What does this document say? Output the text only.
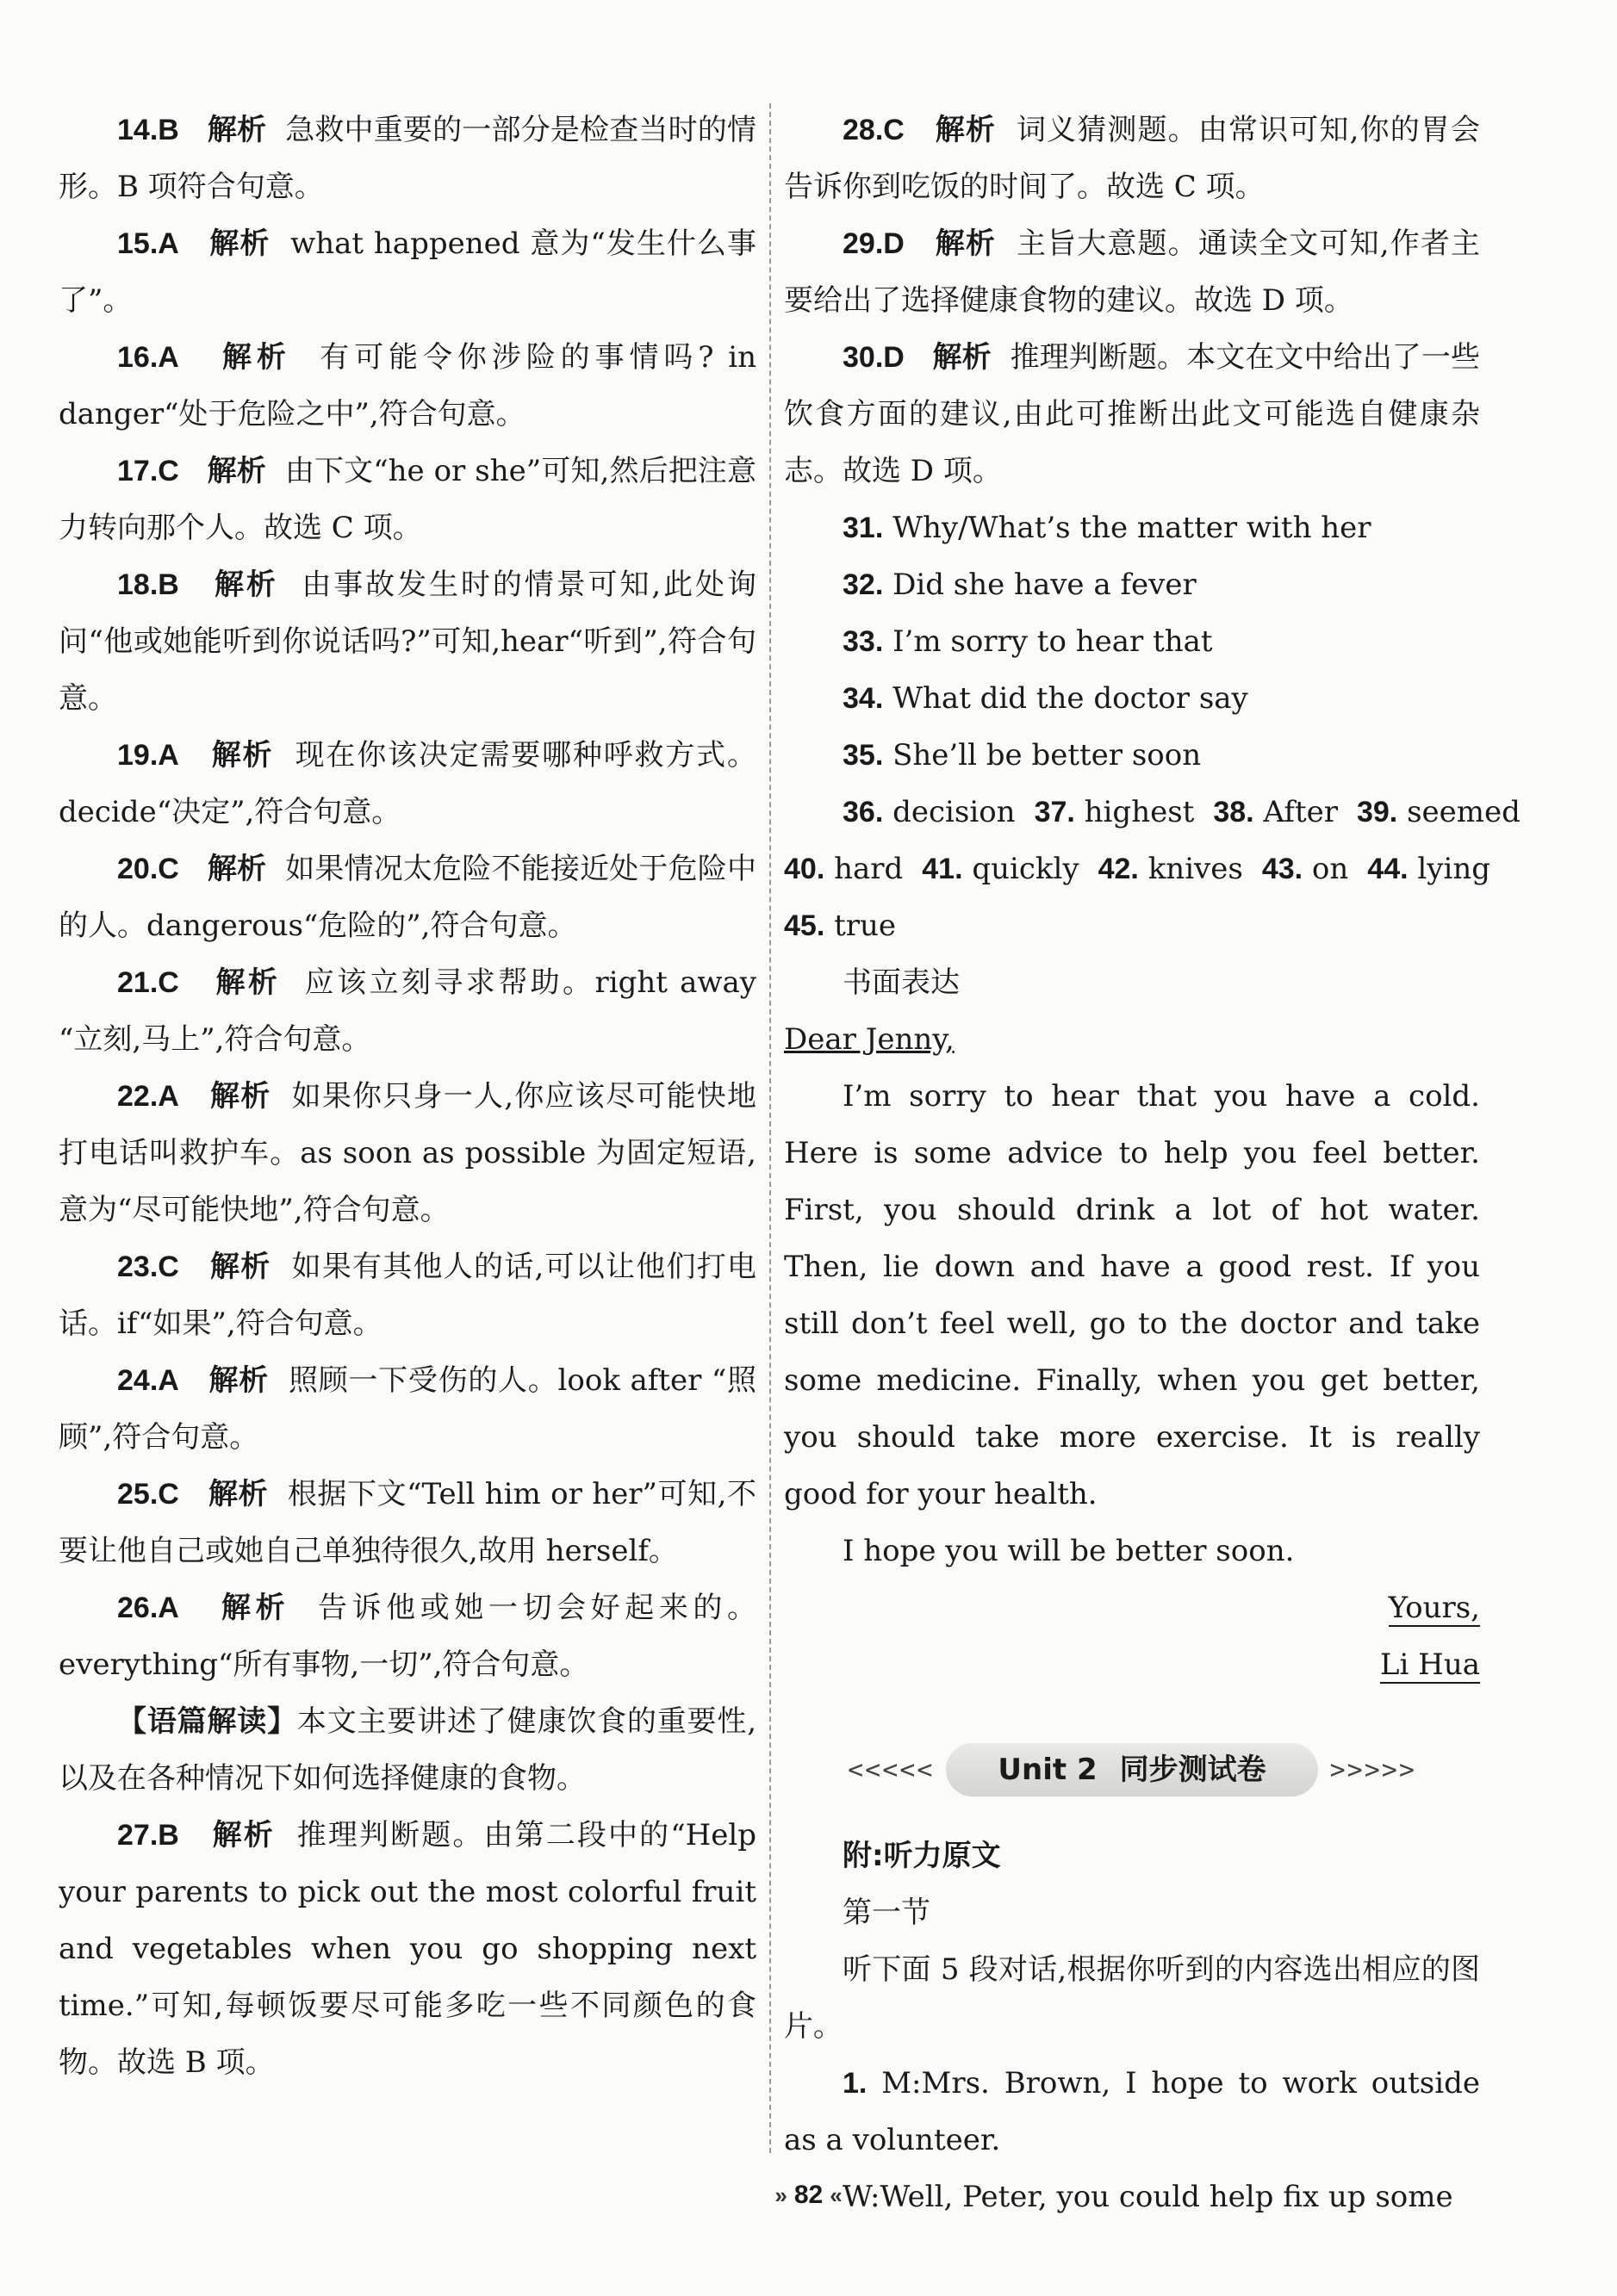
14.B 解析 急救中重要的一部分是检查当时的情形。B 项符合句意。

15.A 解析 what happened 意为“发生什么事了”。

16.A 解析 有可能令你涉险的事情吗? in danger“处于危险之中”,符合句意。

17.C 解析 由下文“he or she”可知,然后把注意力转向那个人。故选 C 项。

18.B 解析 由事故发生时的情景可知,此处询问“他或她能听到你说话吗?”可知,hear“听到”,符合句意。

19.A 解析 现在你该决定需要哪种呼救方式。decide“决定”,符合句意。

20.C 解析 如果情况太危险不能接近处于危险中的人。dangerous“危险的”,符合句意。

21.C 解析 应该立刻寻求帮助。right away “立刻,马上”,符合句意。

22.A 解析 如果你只身一人,你应该尽可能快地打电话叫救护车。as soon as possible 为固定短语,意为“尽可能快地”,符合句意。

23.C 解析 如果有其他人的话,可以让他们打电话。if“如果”,符合句意。

24.A 解析 照顾一下受伤的人。look after “照顾”,符合句意。

25.C 解析 根据下文“Tell him or her”可知,不要让他自己或她自己单独待很久,故用 herself。

26.A 解析 告诉他或她一切会好起来的。everything“所有事物,一切”,符合句意。

【语篇解读】本文主要讲述了健康饮食的重要性,以及在各种情况下如何选择健康的食物。

27.B 解析 推理判断题。由第二段中的“Help your parents to pick out the most colorful fruit and vegetables when you go shopping next time.”可知,每顿饭要尽可能多吃一些不同颜色的食物。故选 B 项。

28.C 解析 词义猜测题。由常识可知,你的胃会告诉你到吃饭的时间了。故选 C 项。

29.D 解析 主旨大意题。通读全文可知,作者主要给出了选择健康食物的建议。故选 D 项。

30.D 解析 推理判断题。本文在文中给出了一些饮食方面的建议,由此可推断出此文可能选自健康杂志。故选 D 项。

31. Why/What’s the matter with her

32. Did she have a fever

33. I’m sorry to hear that

34. What did the doctor say

35. She’ll be better soon

36. decision 37. highest 38. After 39. seemed

40. hard 41. quickly 42. knives 43. on 44. lying

45. true

书面表达

Dear Jenny,

I’m sorry to hear that you have a cold. Here is some advice to help you feel better. First, you should drink a lot of hot water. Then, lie down and have a good rest. If you still don’t feel well, go to the doctor and take some medicine. Finally, when you get better, you should take more exercise. It is really good for your health.

I hope you will be better soon.

Yours,

Li Hua

<<<<<	Unit 2 同步测试卷	>>>>>

附:听力原文

第一节

听下面 5 段对话,根据你听到的内容选出相应的图片。

1. M:Mrs. Brown, I hope to work outside as a volunteer.

W:Well, Peter, you could help fix up some

» 82 «
